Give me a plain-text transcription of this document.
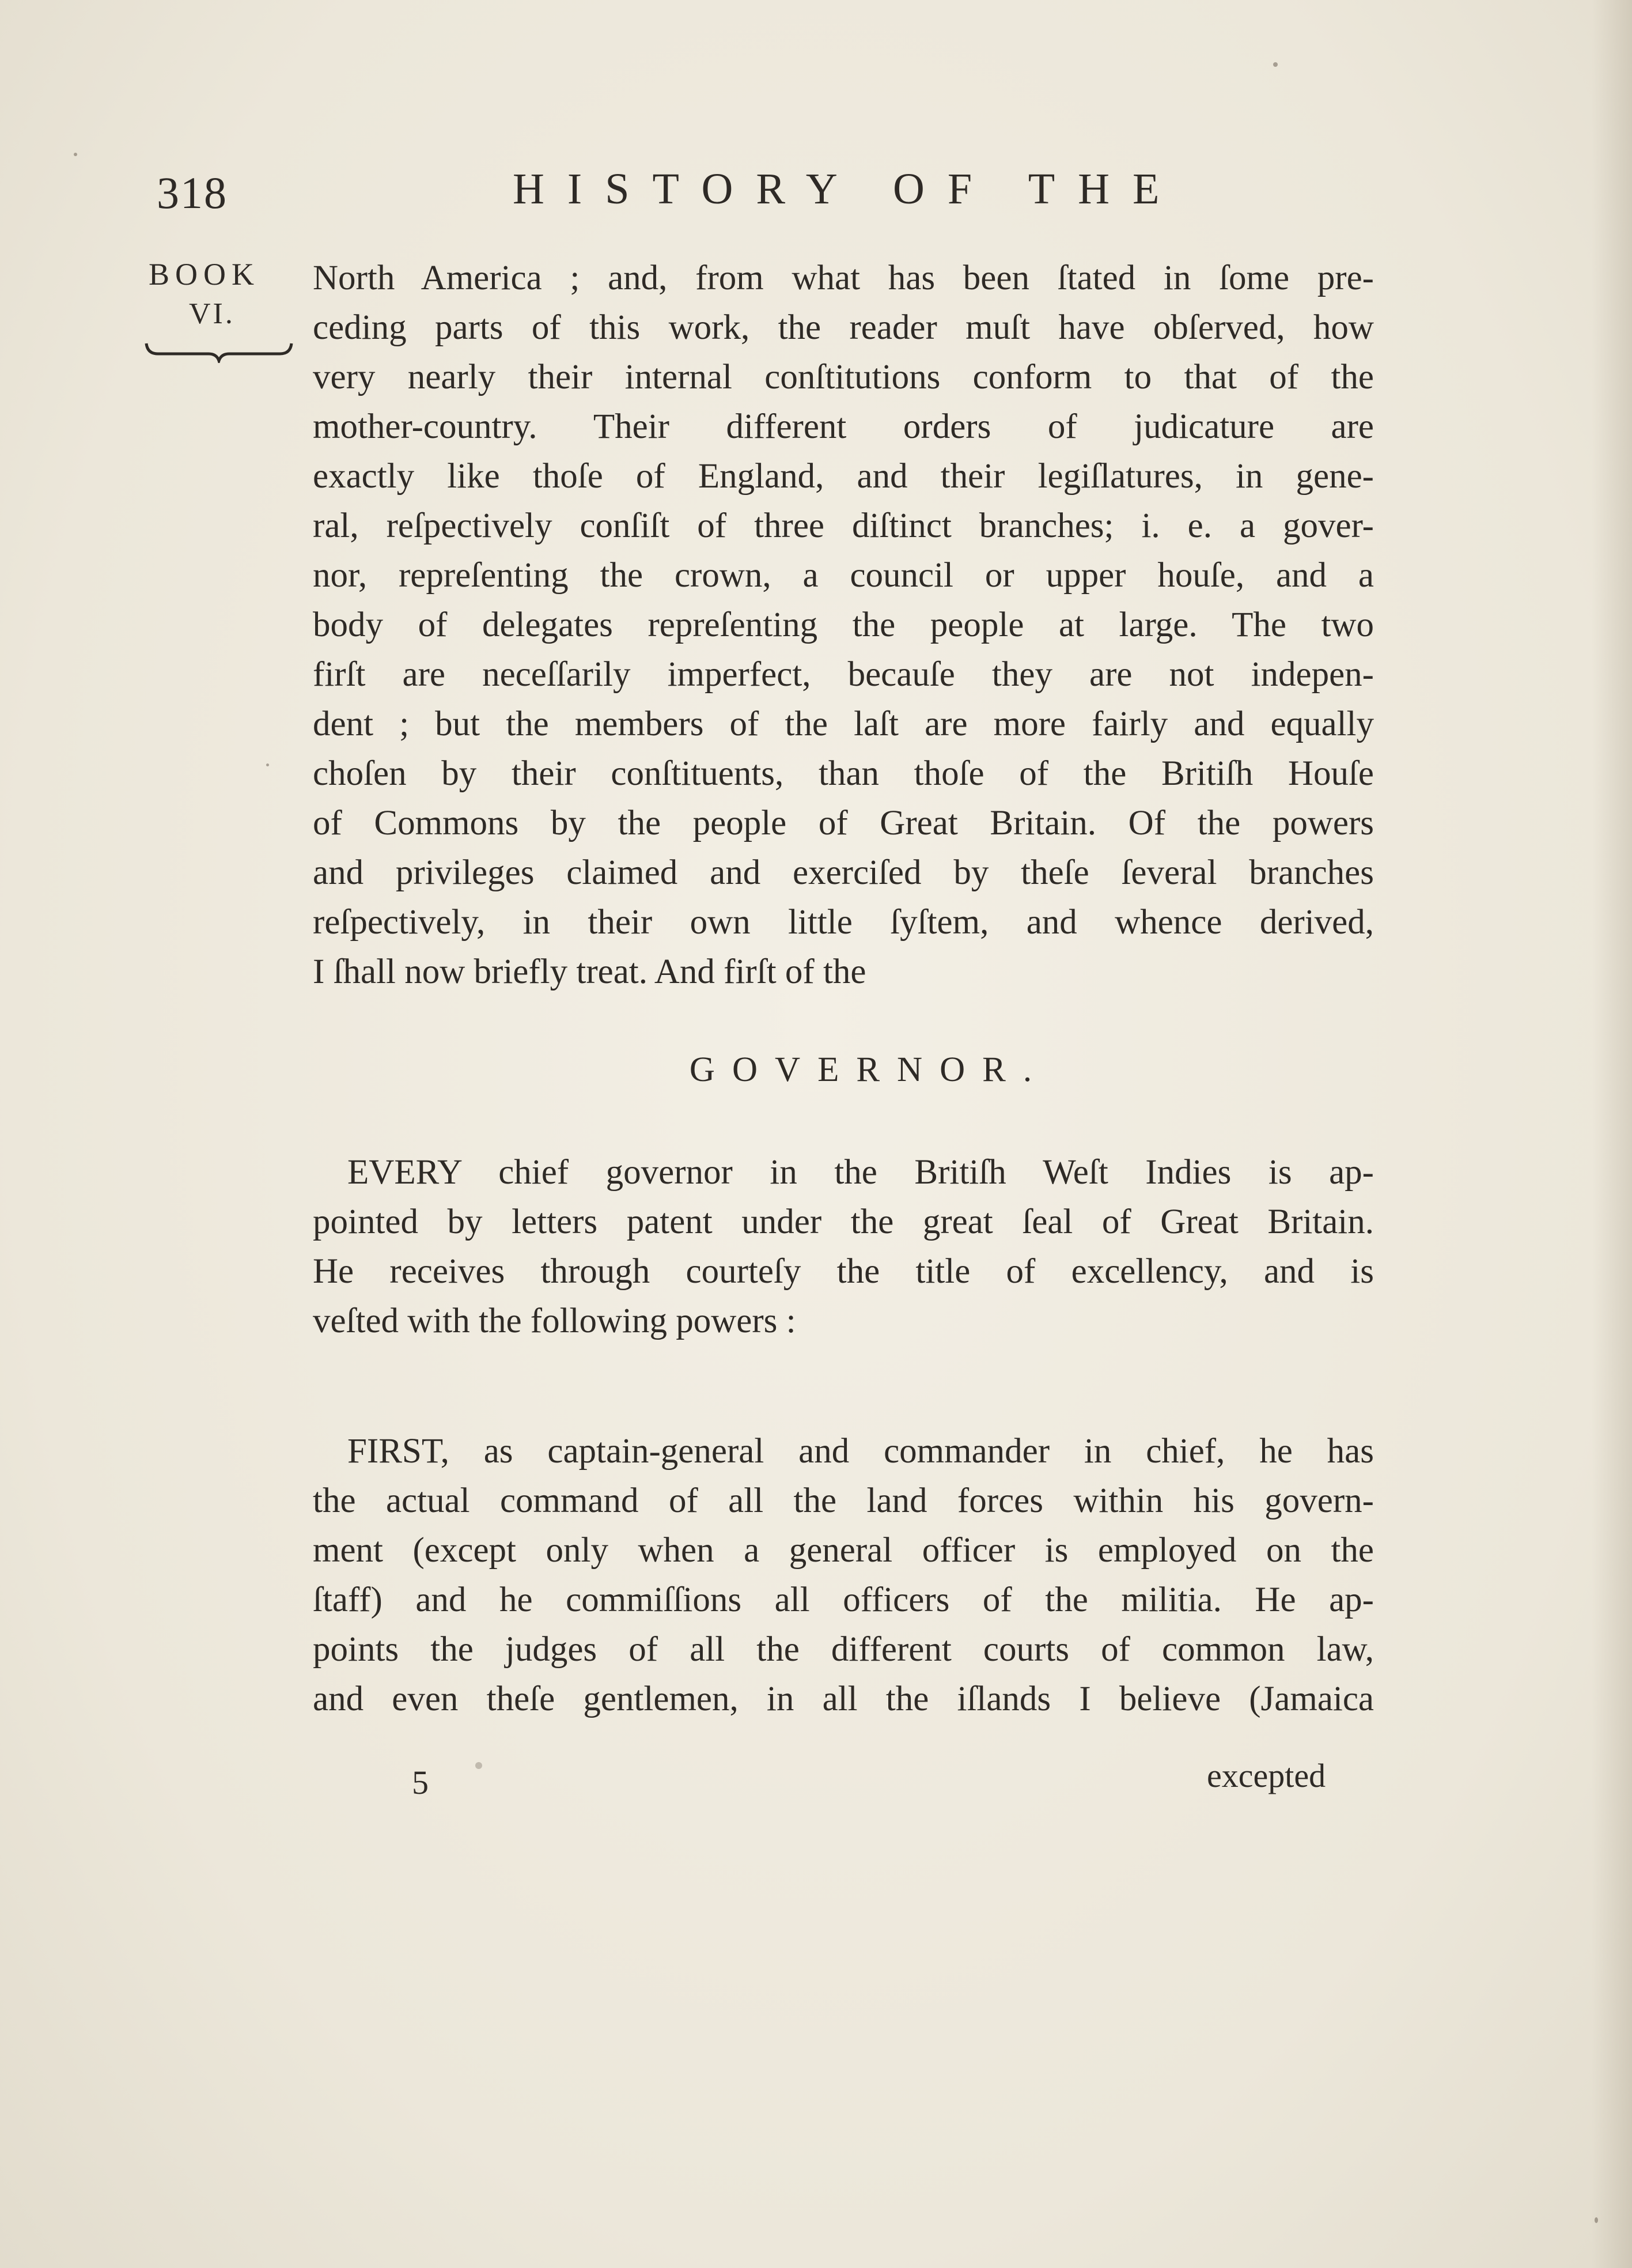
318	HISTORY OF THE
BOOK
VI.
North America ; and, from what has been ſtated in ſome pre-
ceding parts of this work, the reader muſt have obſerved, how
very nearly their internal conſtitutions conform to that of the
mother-country. Their different orders of judicature are
exactly like thoſe of England, and their legiſlatures, in gene-
ral, reſpectively conſiſt of three diſtinct branches; i. e. a gover-
nor, repreſenting the crown, a council or upper houſe, and a
body of delegates repreſenting the people at large. The two
firſt are neceſſarily imperfect, becauſe they are not indepen-
dent ; but the members of the laſt are more fairly and equally
choſen by their conſtituents, than thoſe of the Britiſh Houſe
of Commons by the people of Great Britain. Of the powers
and privileges claimed and exerciſed by theſe ſeveral branches
reſpectively, in their own little ſyſtem, and whence derived,
I ſhall now briefly treat. And firſt of the
GOVERNOR.
EVERY chief governor in the Britiſh Weſt Indies is ap-
pointed by letters patent under the great ſeal of Great Britain.
He receives through courteſy the title of excellency, and is
veſted with the following powers :
FIRST, as captain-general and commander in chief, he has
the actual command of all the land forces within his govern-
ment (except only when a general officer is employed on the
ſtaff) and he commiſſions all officers of the militia. He ap-
points the judges of all the different courts of common law,
and even theſe gentlemen, in all the iſlands I believe (Jamaica
5	excepted
